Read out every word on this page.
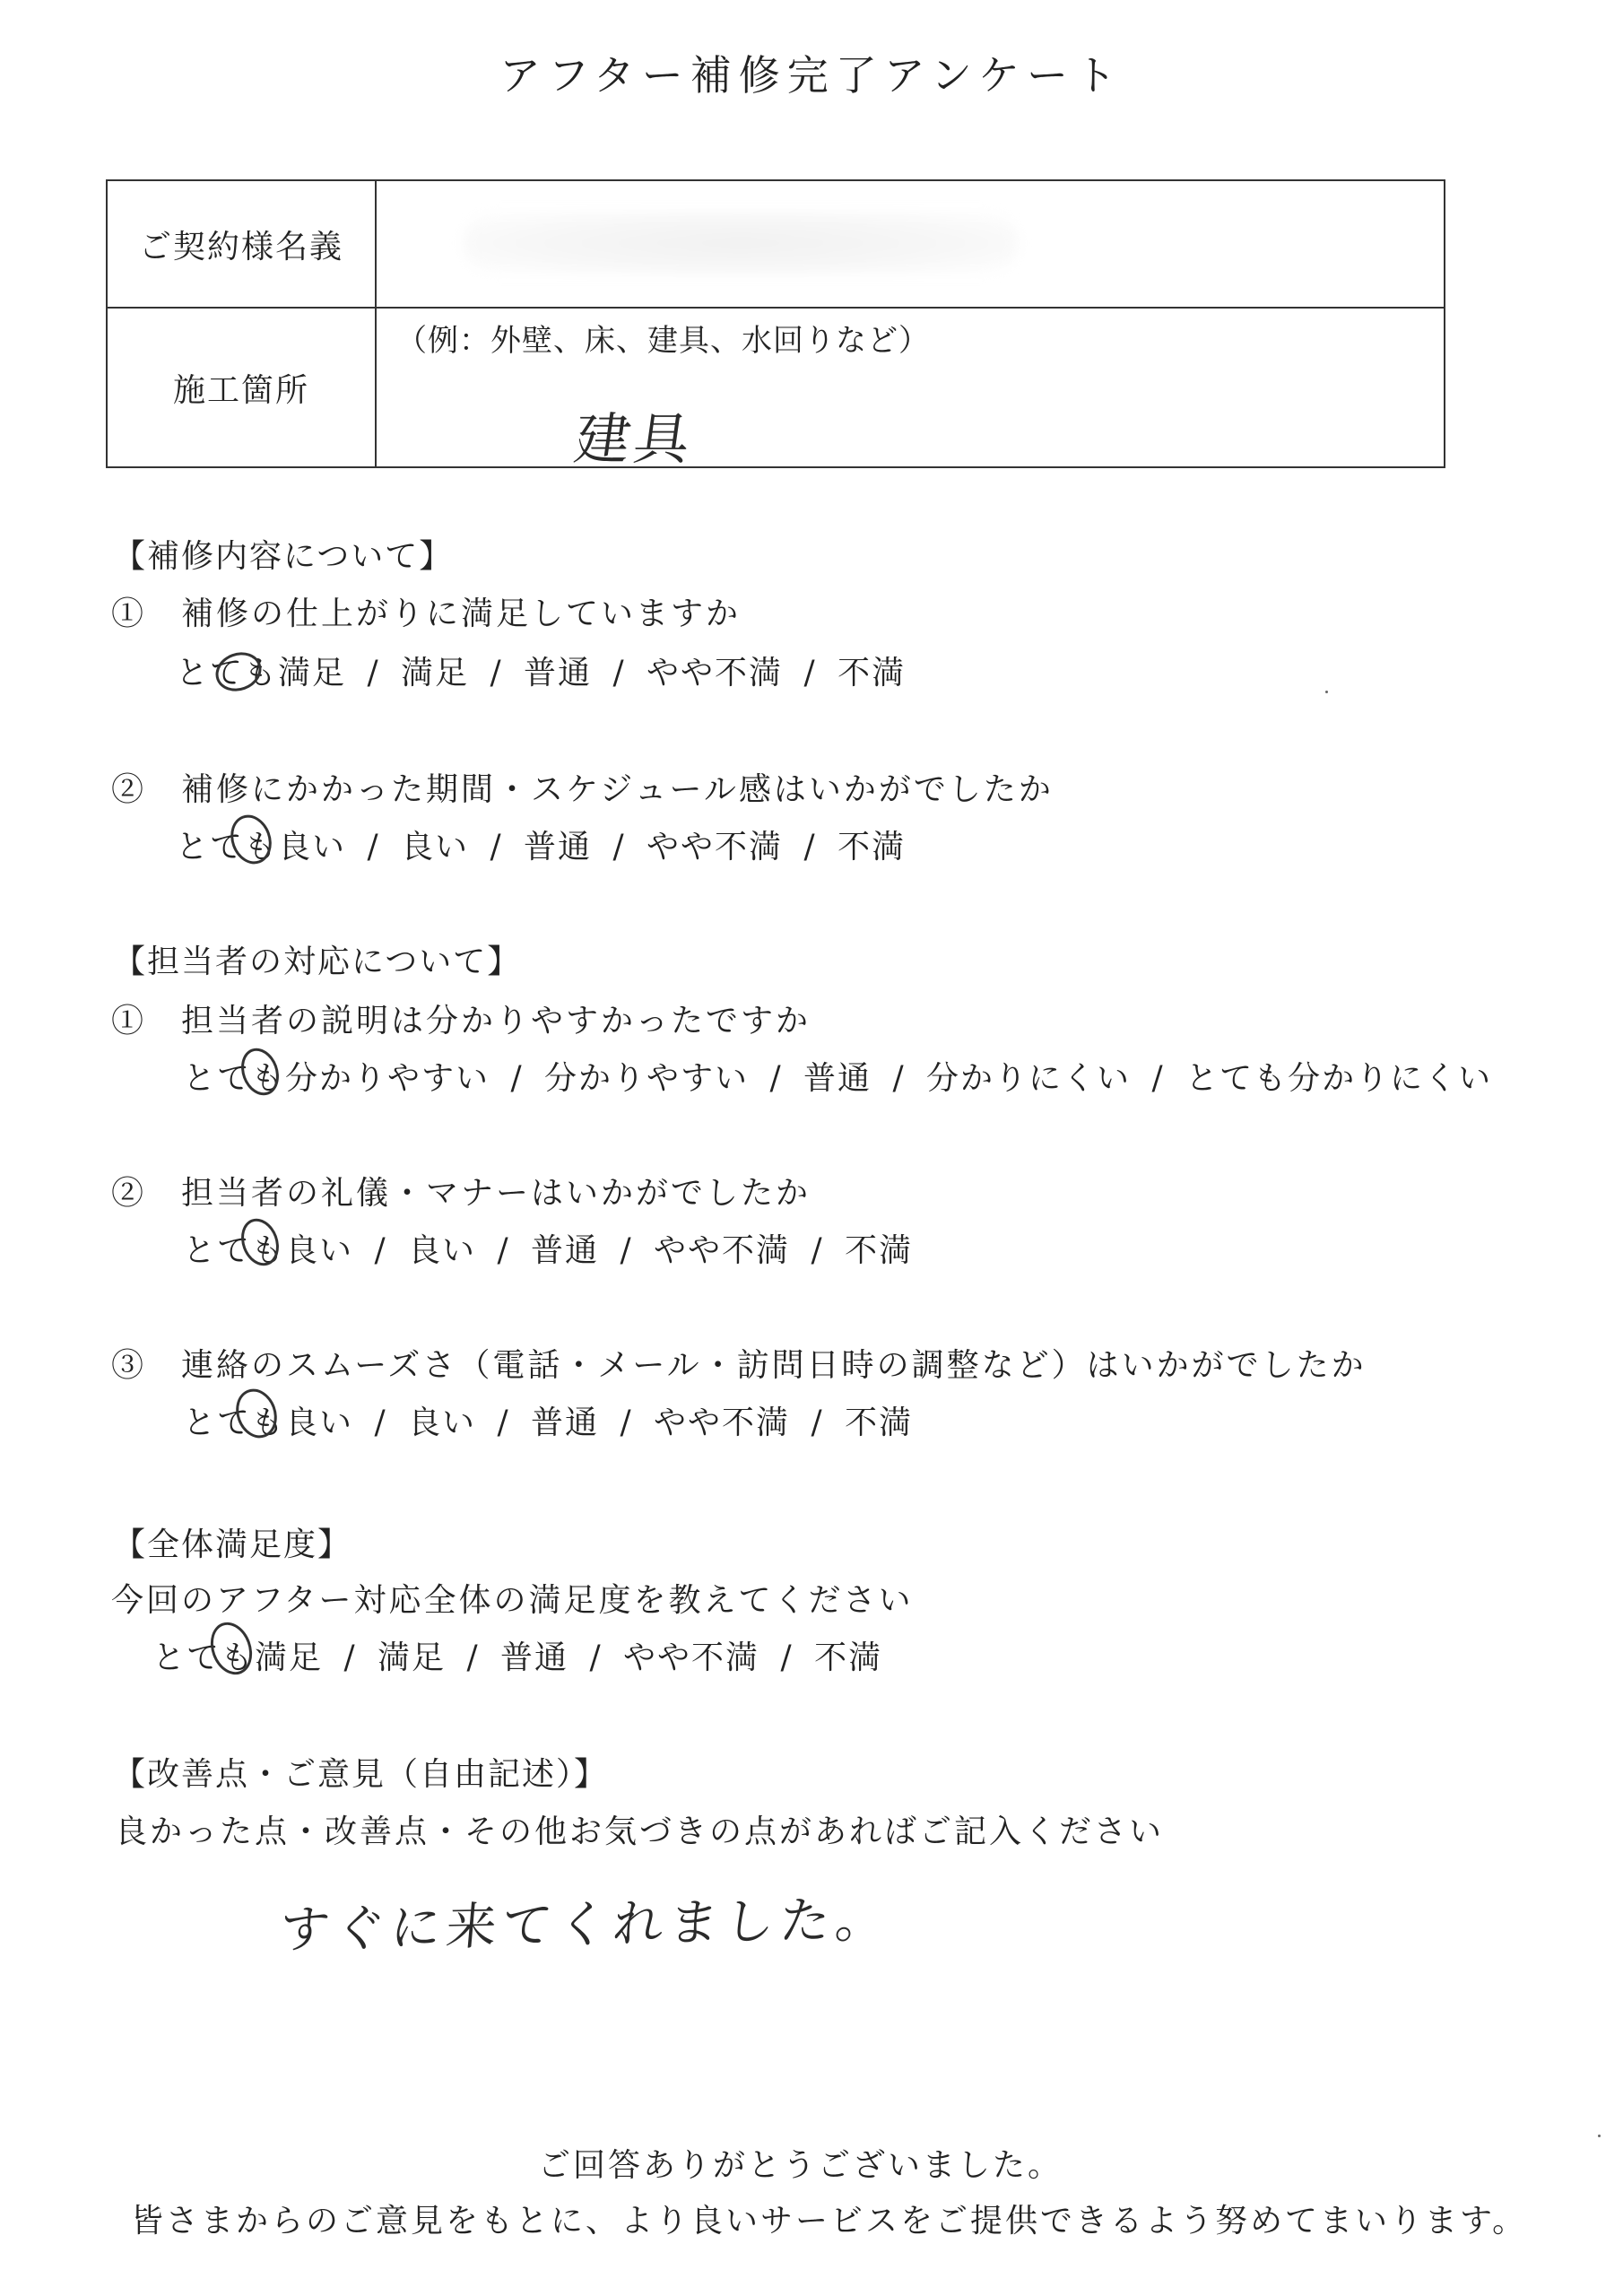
アフター補修完了アンケート
ご契約様名義
施工箇所
（例：外壁、床、建具、水回りなど）
建具
【補修内容について】
①　補修の仕上がりに満足していますか
とても満足 / 満足 / 普通 / やや不満 / 不満
②　補修にかかった期間・スケジュール感はいかがでしたか
とても良い / 良い / 普通 / やや不満 / 不満
【担当者の対応について】
①　担当者の説明は分かりやすかったですか
とても分かりやすい / 分かりやすい / 普通 / 分かりにくい / とても分かりにくい
②　担当者の礼儀・マナーはいかがでしたか
とても良い / 良い / 普通 / やや不満 / 不満
③　連絡のスムーズさ（電話・メール・訪問日時の調整など）はいかがでしたか
とても良い / 良い / 普通 / やや不満 / 不満
【全体満足度】
今回のアフター対応全体の満足度を教えてください
とても満足 / 満足 / 普通 / やや不満 / 不満
【改善点・ご意見（自由記述）】
良かった点・改善点・その他お気づきの点があればご記入ください
すぐに来てくれました。
ご回答ありがとうございました。
皆さまからのご意見をもとに、より良いサービスをご提供できるよう努めてまいります。
